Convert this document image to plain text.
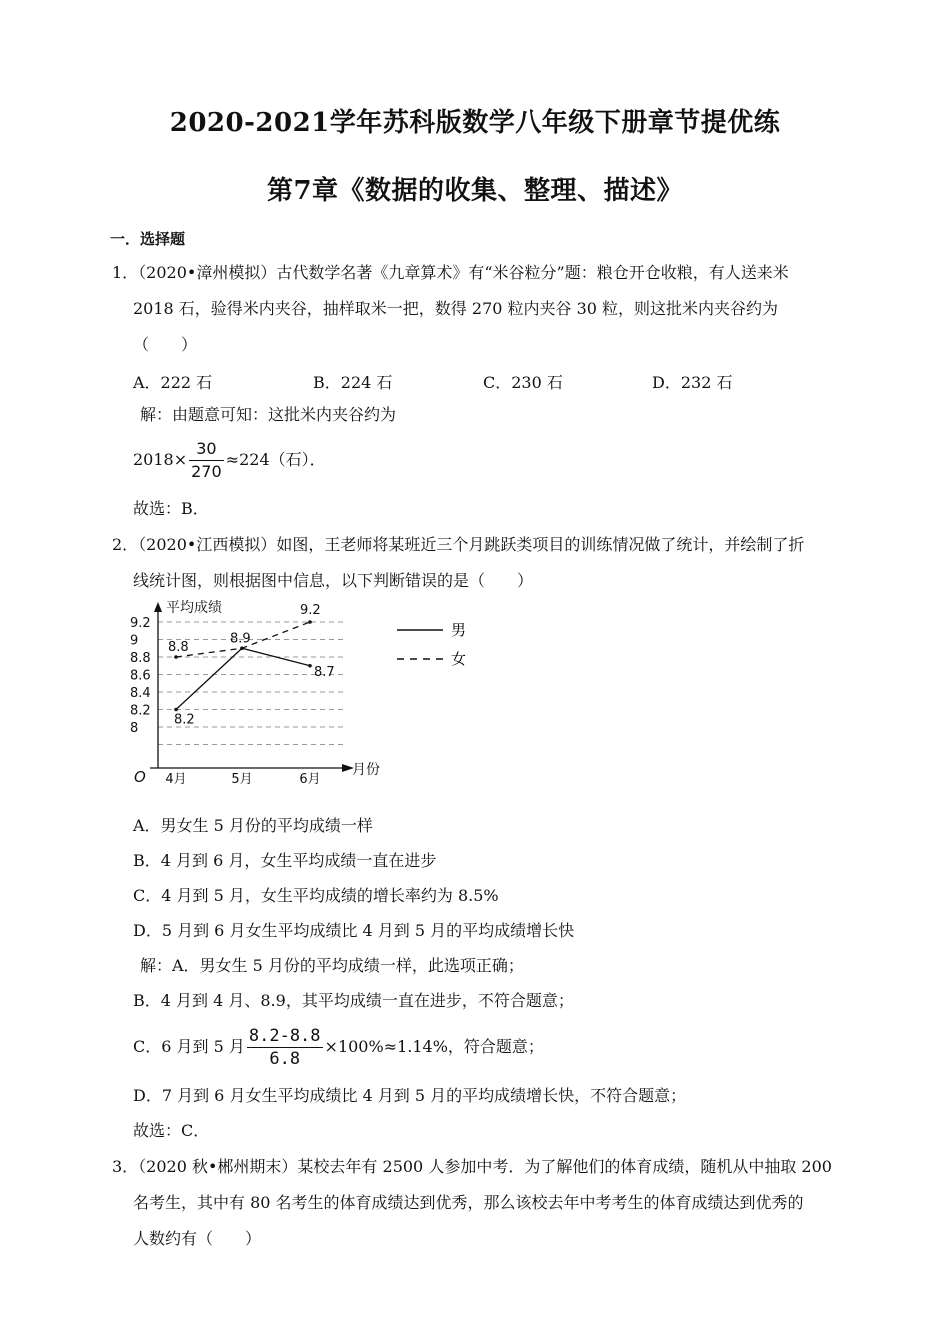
2020-2021学年苏科版数学八年级下册章节提优练
第7章《数据的收集、整理、描述》
一．选择题
1．（2020•漳州模拟）古代数学名著《九章算术》有“米谷粒分”题：粮仓开仓收粮，有人送来米
2018 石，验得米内夹谷，抽样取米一把，数得 270 粒内夹谷 30 粒，则这批米内夹谷约为
（　　）
A．222 石	B．224 石	C．230 石	D．232 石
解：由题意可知：这批米内夹谷约为
$2018\times \frac{30}{270} \approx 224$（石）．
故选：B．
2．（2020•江西模拟）如图，王老师将某班近三个月跳跃类项目的训练情况做了统计，并绘制了折
线统计图，则根据图中信息，以下判断错误的是（　　）
9.2
9
8.8
8.6
8.4
8.2
8
平均成绩
月份
O 4月	5月	6月
8.2
8.9
8.7
8.8
9.2
男
女
A．男女生 5 月份的平均成绩一样
B．4 月到 6 月，女生平均成绩一直在进步
C．4 月到 5 月，女生平均成绩的增长率约为 8.5%
D．5 月到 6 月女生平均成绩比 4 月到 5 月的平均成绩增长快
解：A．男女生 5 月份的平均成绩一样，此选项正确；
B．4 月到 4 月、8.9，其平均成绩一直在进步，不符合题意；
C．6 月到 5 月 $\frac{8.2-8.8}{6.8} \times 100\%\approx 1.14\%$，符合题意；
D．7 月到 6 月女生平均成绩比 4 月到 5 月的平均成绩增长快，不符合题意；
故选：C．
3．（2020 秋•郴州期末）某校去年有 2500 人参加中考．为了解他们的体育成绩，随机从中抽取 200
名考生，其中有 80 名考生的体育成绩达到优秀，那么该校去年中考考生的体育成绩达到优秀的
人数约有（　　）
